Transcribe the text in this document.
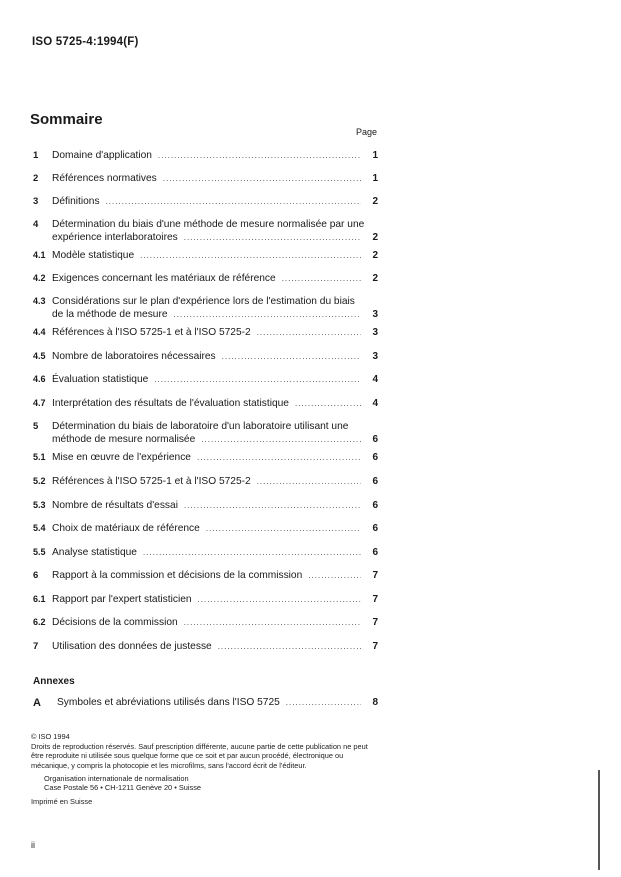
ISO 5725-4:1994(F)
Sommaire
Page
1 Domaine d'application .....	1
2 Références normatives .....	1
3 Définitions .....	2
4 Détermination du biais d'une méthode de mesure normalisée par une
expérience interlaboratoires .....	2
4.1 Modèle statistique .....	2
4.2 Exigences concernant les matériaux de référence .....	2
4.3 Considérations sur le plan d'expérience lors de l'estimation du biais
de la méthode de mesure .....	3
4.4 Références à l'ISO 5725-1 et à l'ISO 5725-2 .....	3
4.5 Nombre de laboratoires nécessaires .....	3
4.6 Évaluation statistique .....	4
4.7 Interprétation des résultats de l'évaluation statistique .....	4
5 Détermination du biais de laboratoire d'un laboratoire utilisant une
méthode de mesure normalisée .....	6
5.1 Mise en œuvre de l'expérience .....	6
5.2 Références à l'ISO 5725-1 et à l'ISO 5725-2 .....	6
5.3 Nombre de résultats d'essai .....	6
5.4 Choix de matériaux de référence .....	6
5.5 Analyse statistique .....	6
6 Rapport à la commission et décisions de la commission .....	7
6.1 Rapport par l'expert statisticien .....	7
6.2 Décisions de la commission .....	7
7 Utilisation des données de justesse .....	7
Annexes
A Symboles et abréviations utilisés dans l'ISO 5725 .....	8
© ISO 1994
Droits de reproduction réservés. Sauf prescription différente, aucune partie de cette publication ne peut être reproduite ni utilisée sous quelque forme que ce soit et par aucun procédé, électronique ou mécanique, y compris la photocopie et les microfilms, sans l'accord écrit de l'éditeur.
Organisation internationale de normalisation
Case Postale 56 • CH-1211 Genève 20 • Suisse
Imprimé en Suisse
ii
